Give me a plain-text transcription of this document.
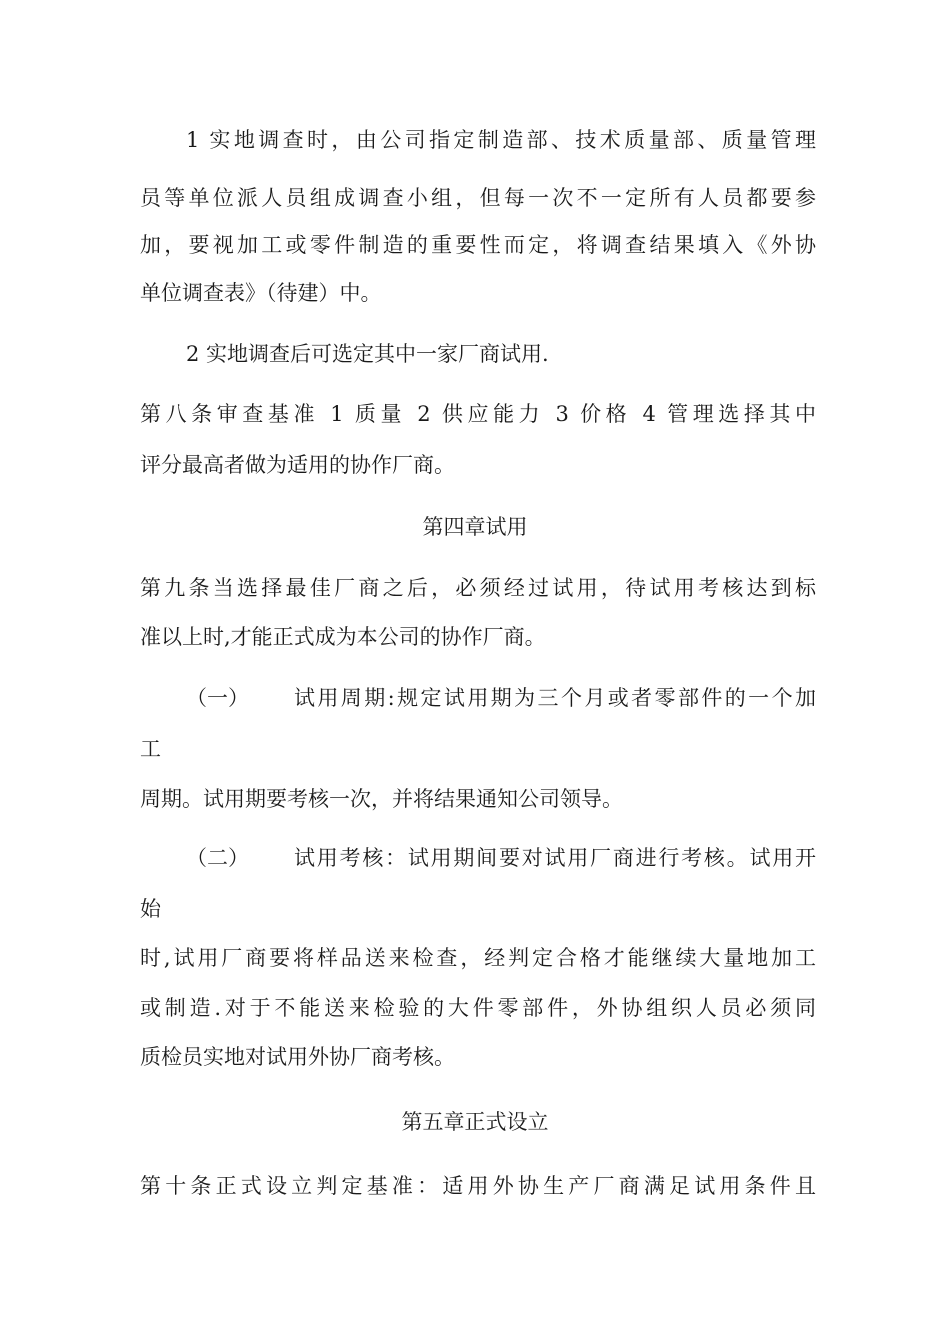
1 实地调查时，由公司指定制造部、技术质量部、质量管理
员等单位派人员组成调查小组，但每一次不一定所有人员都要参
加，要视加工或零件制造的重要性而定，将调查结果填入《外协
单位调查表》（待建）中。
2 实地调查后可选定其中一家厂商试用.
第八条审查基准 1 质量 2 供应能力 3 价格 4 管理选择其中
评分最高者做为适用的协作厂商。
第四章试用
第九条当选择最佳厂商之后，必须经过试用，待试用考核达到标
准以上时,才能正式成为本公司的协作厂商。
（一） 试用周期:规定试用期为三个月或者零部件的一个加
工
周期。试用期要考核一次，并将结果通知公司领导。
（二） 试用考核：试用期间要对试用厂商进行考核。试用开
始
时,试用厂商要将样品送来检查，经判定合格才能继续大量地加工
或制造.对于不能送来检验的大件零部件，外协组织人员必须同
质检员实地对试用外协厂商考核。
第五章正式设立
第十条正式设立判定基准：适用外协生产厂商满足试用条件且
